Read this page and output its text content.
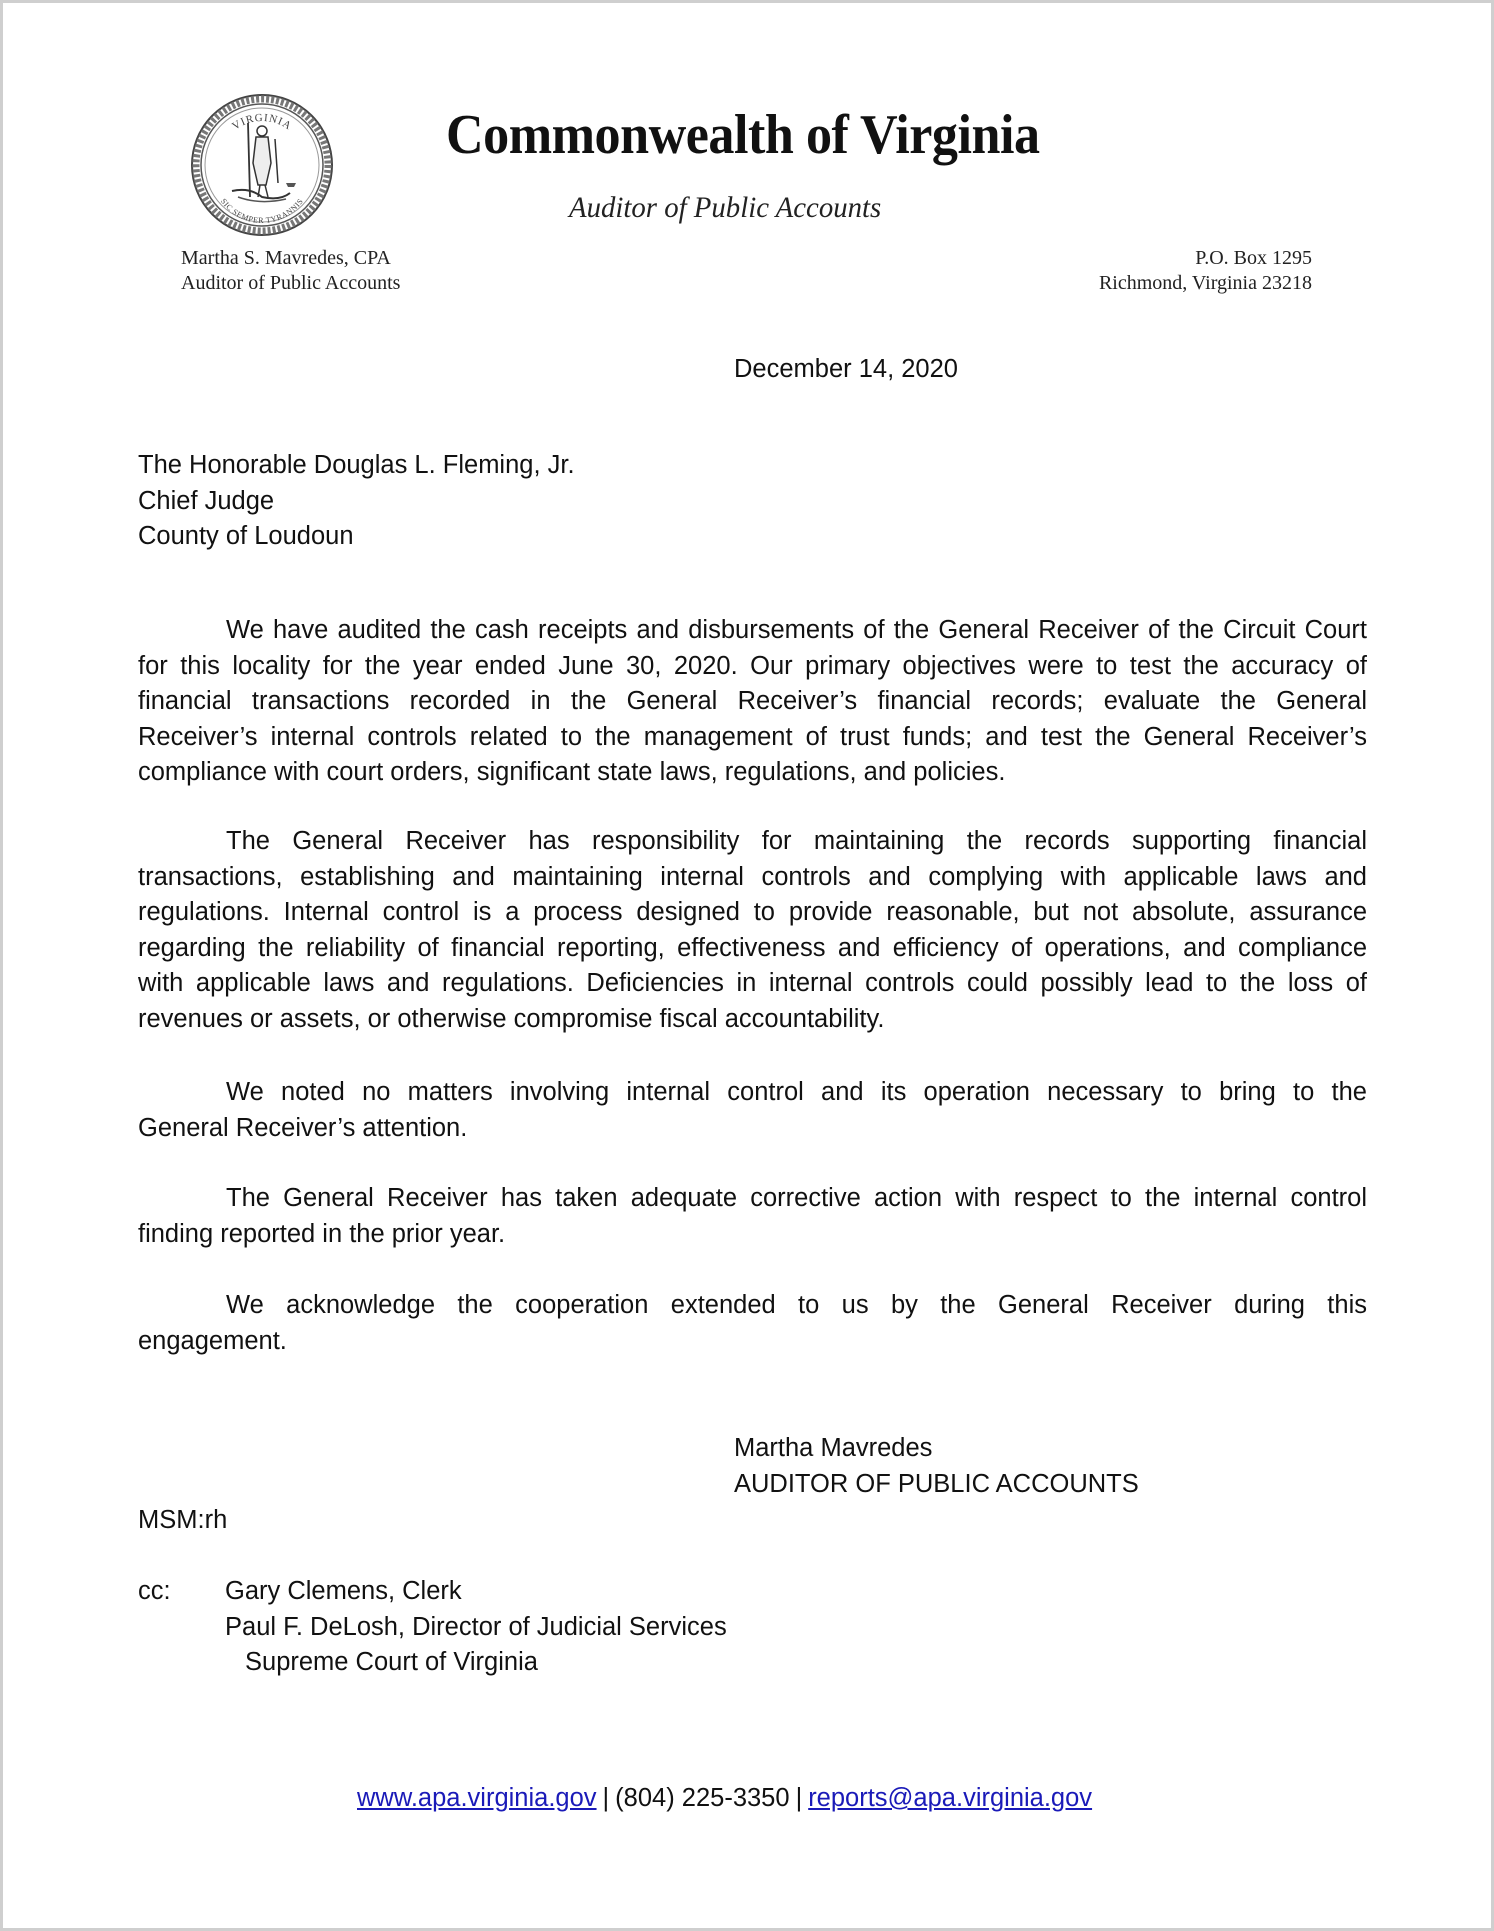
VIRGINIA
SIC SEMPER TYRANNIS
Commonwealth of Virginia
Auditor of Public Accounts
Martha S. Mavredes, CPA
Auditor of Public Accounts
P.O. Box 1295
Richmond, Virginia 23218
December 14, 2020
The Honorable Douglas L. Fleming, Jr.
Chief Judge
County of Loudoun
We have audited the cash receipts and disbursements of the General Receiver of the Circuit Court
for this locality for the year ended June 30, 2020. Our primary objectives were to test the accuracy of
financial transactions recorded in the General Receiver’s financial records; evaluate the General
Receiver’s internal controls related to the management of trust funds; and test the General Receiver’s
compliance with court orders, significant state laws, regulations, and policies.
The General Receiver has responsibility for maintaining the records supporting financial
transactions, establishing and maintaining internal controls and complying with applicable laws and
regulations. Internal control is a process designed to provide reasonable, but not absolute, assurance
regarding the reliability of financial reporting, effectiveness and efficiency of operations, and compliance
with applicable laws and regulations. Deficiencies in internal controls could possibly lead to the loss of
revenues or assets, or otherwise compromise fiscal accountability.
We noted no matters involving internal control and its operation necessary to bring to the
General Receiver’s attention.
The General Receiver has taken adequate corrective action with respect to the internal control
finding reported in the prior year.
We acknowledge the cooperation extended to us by the General Receiver during this
engagement.
Martha Mavredes
AUDITOR OF PUBLIC ACCOUNTS
MSM:rh
cc: Gary Clemens, Clerk
Paul F. DeLosh, Director of Judicial Services
Supreme Court of Virginia
www.apa.virginia.gov | (804) 225-3350 | reports@apa.virginia.gov
